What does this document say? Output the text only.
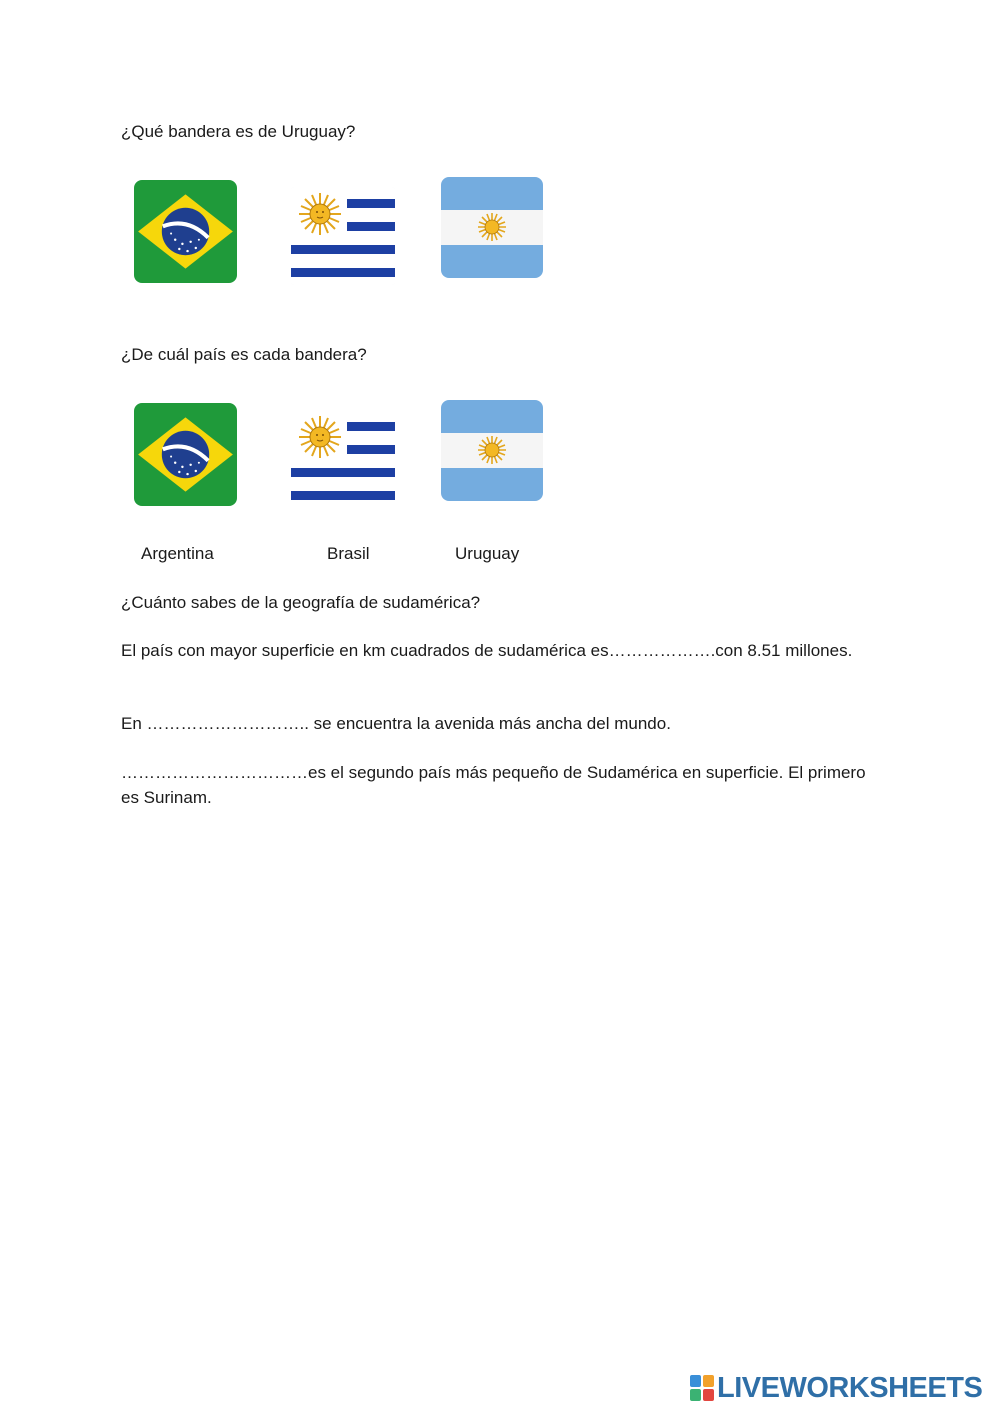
¿Qué bandera es de Uruguay?
¿De cuál país es cada bandera?
Argentina	Brasil	Uruguay
¿Cuánto sabes de la geografía de sudamérica?
El país con mayor superficie en km cuadrados de sudamérica es……………….con 8.51 millones.
En ……………………….. se encuentra la avenida más ancha del mundo.
……………………………es el segundo país más pequeño de Sudamérica en superficie. El primero es Surinam.
LIVEWORKSHEETS
